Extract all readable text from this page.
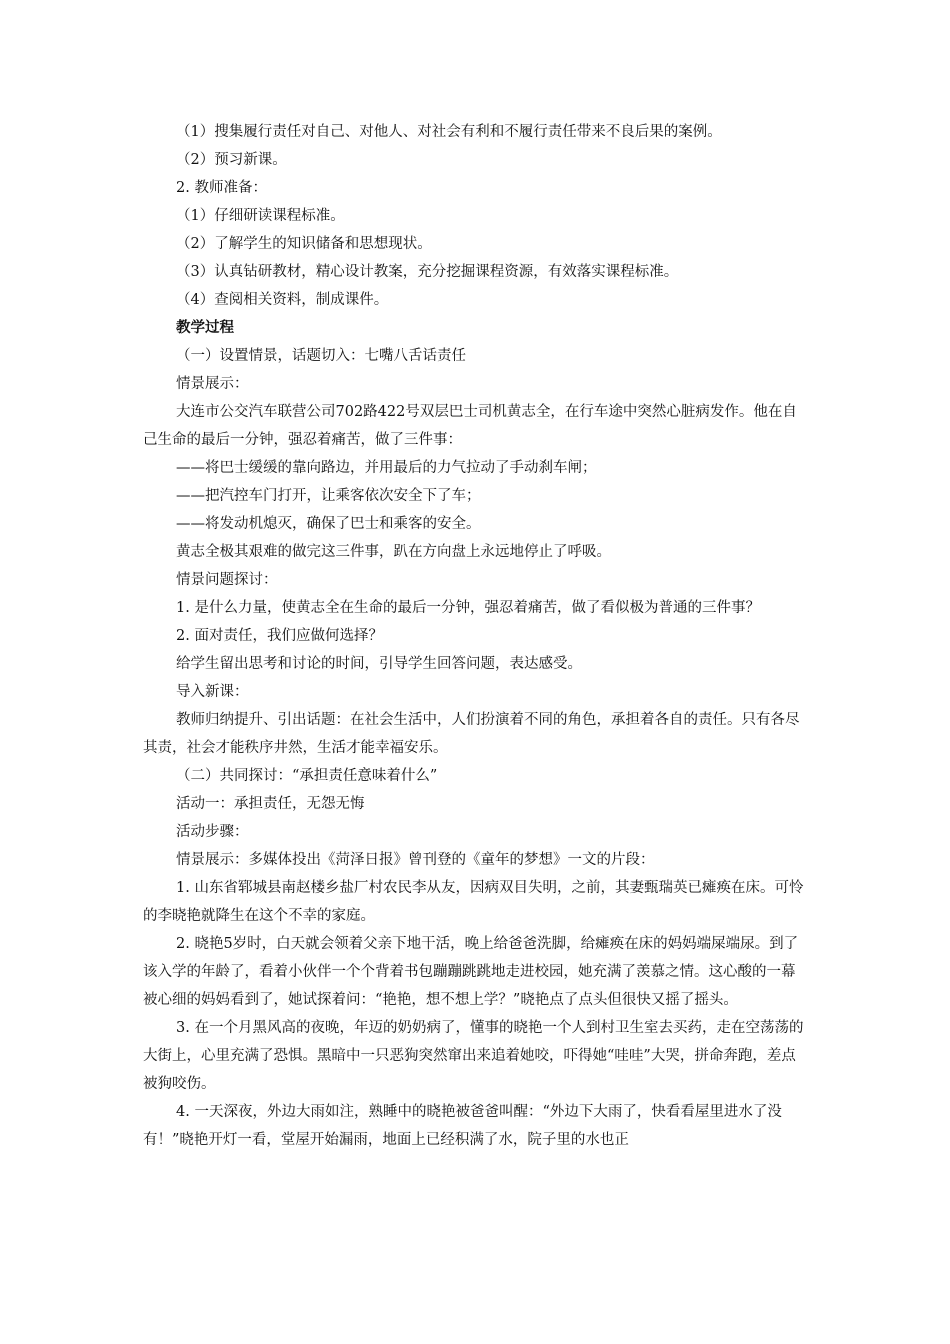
（1）搜集履行责任对自己、对他人、对社会有利和不履行责任带来不良后果的案例。

（2）预习新课。

2. 教师准备：

（1）仔细研读课程标准。

（2）了解学生的知识储备和思想现状。

（3）认真钻研教材，精心设计教案，充分挖掘课程资源，有效落实课程标准。

（4）查阅相关资料，制成课件。

教学过程

（一）设置情景，话题切入：七嘴八舌话责任

情景展示：

大连市公交汽车联营公司702路422号双层巴士司机黄志全，在行车途中突然心脏病发作。他在自己生命的最后一分钟，强忍着痛苦，做了三件事：

——将巴士缓缓的靠向路边，并用最后的力气拉动了手动刹车闸；

——把汽控车门打开，让乘客依次安全下了车；

——将发动机熄灭，确保了巴士和乘客的安全。

黄志全极其艰难的做完这三件事，趴在方向盘上永远地停止了呼吸。

情景问题探讨：

1. 是什么力量，使黄志全在生命的最后一分钟，强忍着痛苦，做了看似极为普通的三件事？

2. 面对责任，我们应做何选择？

给学生留出思考和讨论的时间，引导学生回答问题，表达感受。

导入新课：

教师归纳提升、引出话题：在社会生活中，人们扮演着不同的角色，承担着各自的责任。只有各尽其责，社会才能秩序井然，生活才能幸福安乐。

（二）共同探讨：“承担责任意味着什么”

活动一：承担责任，无怨无悔

活动步骤：

情景展示：多媒体投出《菏泽日报》曾刊登的《童年的梦想》一文的片段：

1. 山东省郓城县南赵楼乡盐厂村农民李从友，因病双目失明，之前，其妻甄瑞英已瘫痪在床。可怜的李晓艳就降生在这个不幸的家庭。

2. 晓艳5岁时，白天就会领着父亲下地干活，晚上给爸爸洗脚，给瘫痪在床的妈妈端屎端尿。到了该入学的年龄了，看着小伙伴一个个背着书包蹦蹦跳跳地走进校园，她充满了羡慕之情。这心酸的一幕被心细的妈妈看到了，她试探着问：“艳艳，想不想上学？”晓艳点了点头但很快又摇了摇头。

3. 在一个月黑风高的夜晚，年迈的奶奶病了，懂事的晓艳一个人到村卫生室去买药，走在空荡荡的大街上，心里充满了恐惧。黑暗中一只恶狗突然窜出来追着她咬，吓得她“哇哇”大哭，拼命奔跑，差点被狗咬伤。

4. 一天深夜，外边大雨如注，熟睡中的晓艳被爸爸叫醒：“外边下大雨了，快看看屋里进水了没有！”晓艳开灯一看，堂屋开始漏雨，地面上已经积满了水，院子里的水也正
